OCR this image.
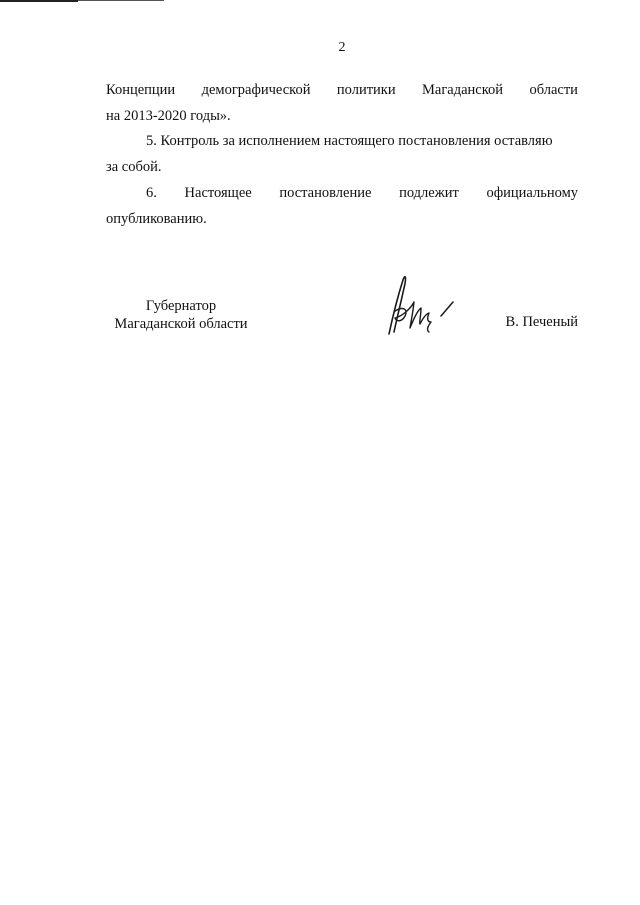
2
Концепции демографической политики Магаданской области
на 2013-2020 годы».
5. Контроль за исполнением настоящего постановления оставляю
за собой.
6. Настоящее постановление подлежит официальному
опубликованию.
Губернатор
Магаданской области	В. Печеный
